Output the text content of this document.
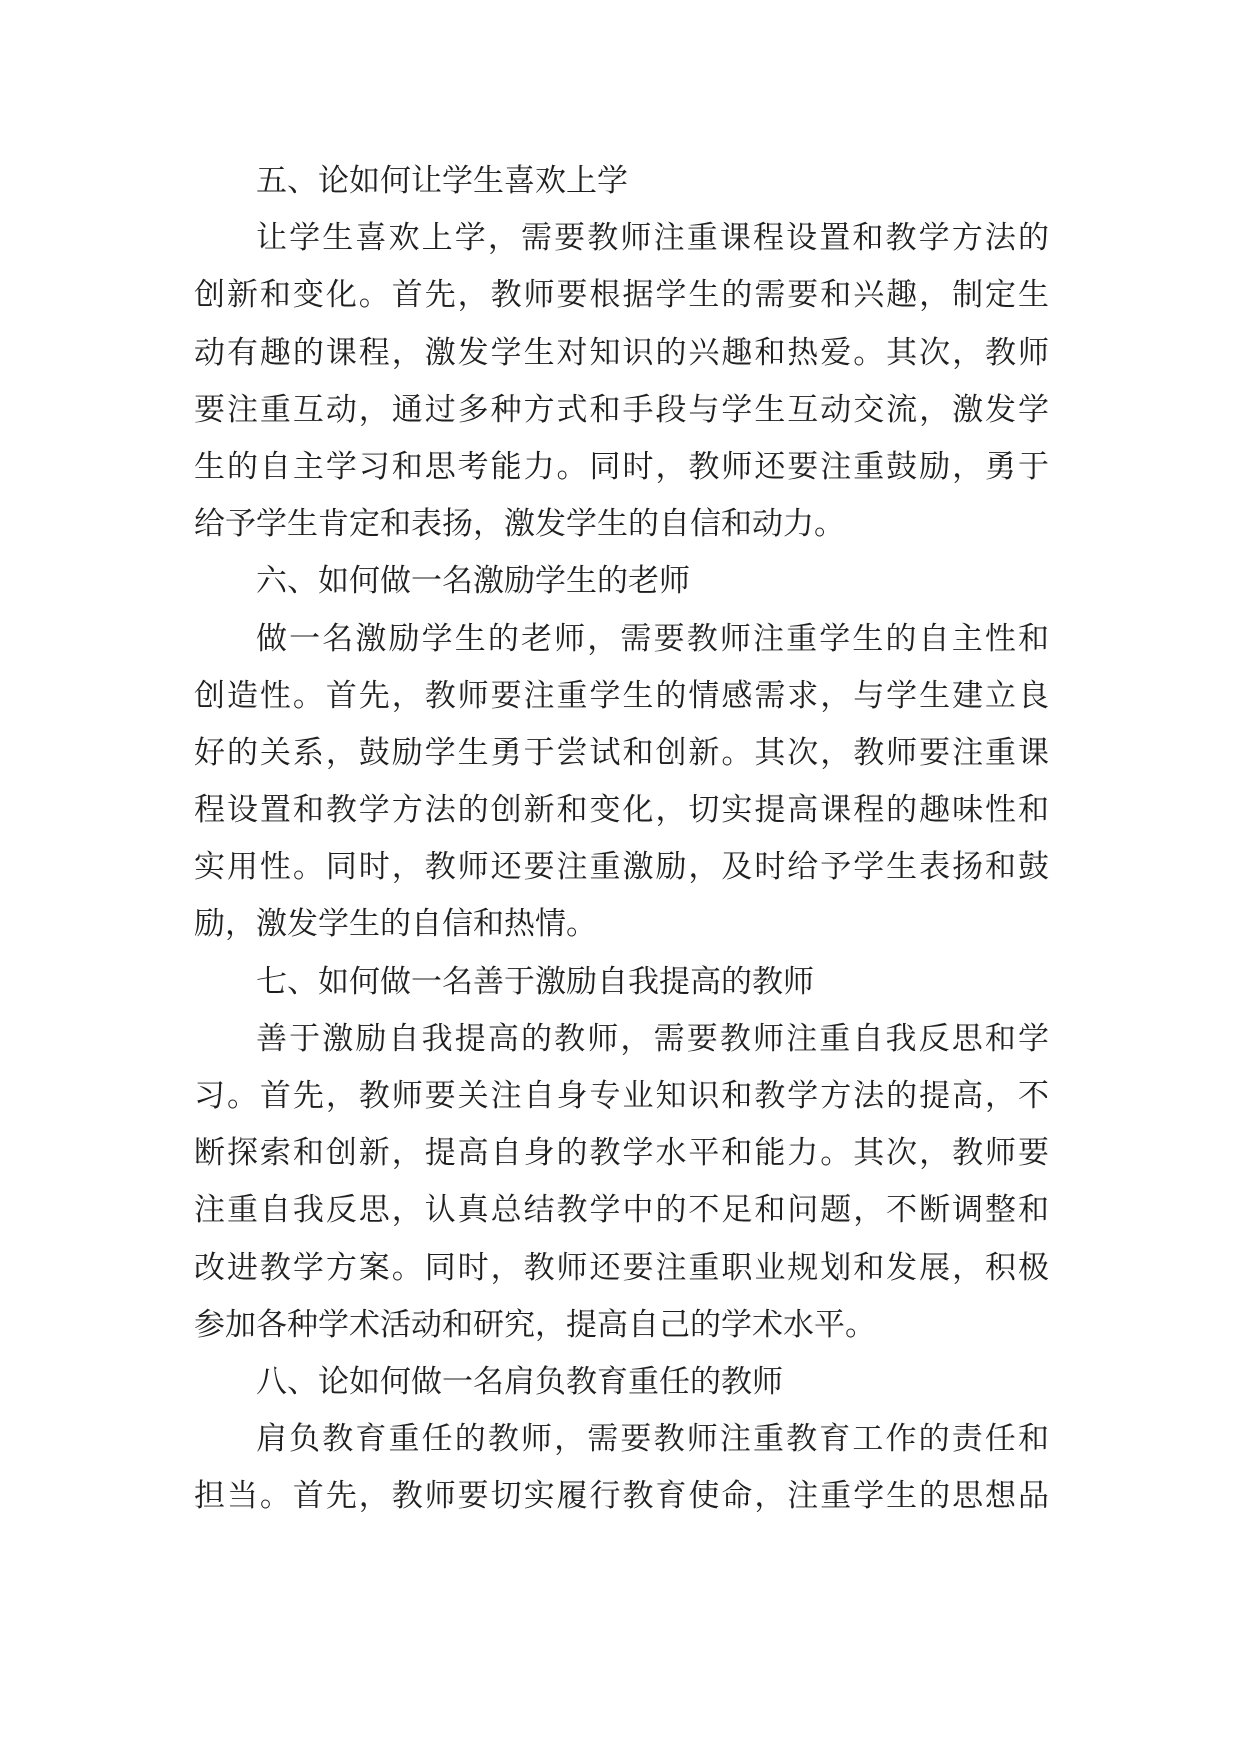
五、论如何让学生喜欢上学
让学生喜欢上学，需要教师注重课程设置和教学方法的
创新和变化。首先，教师要根据学生的需要和兴趣，制定生
动有趣的课程，激发学生对知识的兴趣和热爱。其次，教师
要注重互动，通过多种方式和手段与学生互动交流，激发学
生的自主学习和思考能力。同时，教师还要注重鼓励，勇于
给予学生肯定和表扬，激发学生的自信和动力。
六、如何做一名激励学生的老师
做一名激励学生的老师，需要教师注重学生的自主性和
创造性。首先，教师要注重学生的情感需求，与学生建立良
好的关系，鼓励学生勇于尝试和创新。其次，教师要注重课
程设置和教学方法的创新和变化，切实提高课程的趣味性和
实用性。同时，教师还要注重激励，及时给予学生表扬和鼓
励，激发学生的自信和热情。
七、如何做一名善于激励自我提高的教师
善于激励自我提高的教师，需要教师注重自我反思和学
习。首先，教师要关注自身专业知识和教学方法的提高，不
断探索和创新，提高自身的教学水平和能力。其次，教师要
注重自我反思，认真总结教学中的不足和问题，不断调整和
改进教学方案。同时，教师还要注重职业规划和发展，积极
参加各种学术活动和研究，提高自己的学术水平。
八、论如何做一名肩负教育重任的教师
肩负教育重任的教师，需要教师注重教育工作的责任和
担当。首先，教师要切实履行教育使命，注重学生的思想品
